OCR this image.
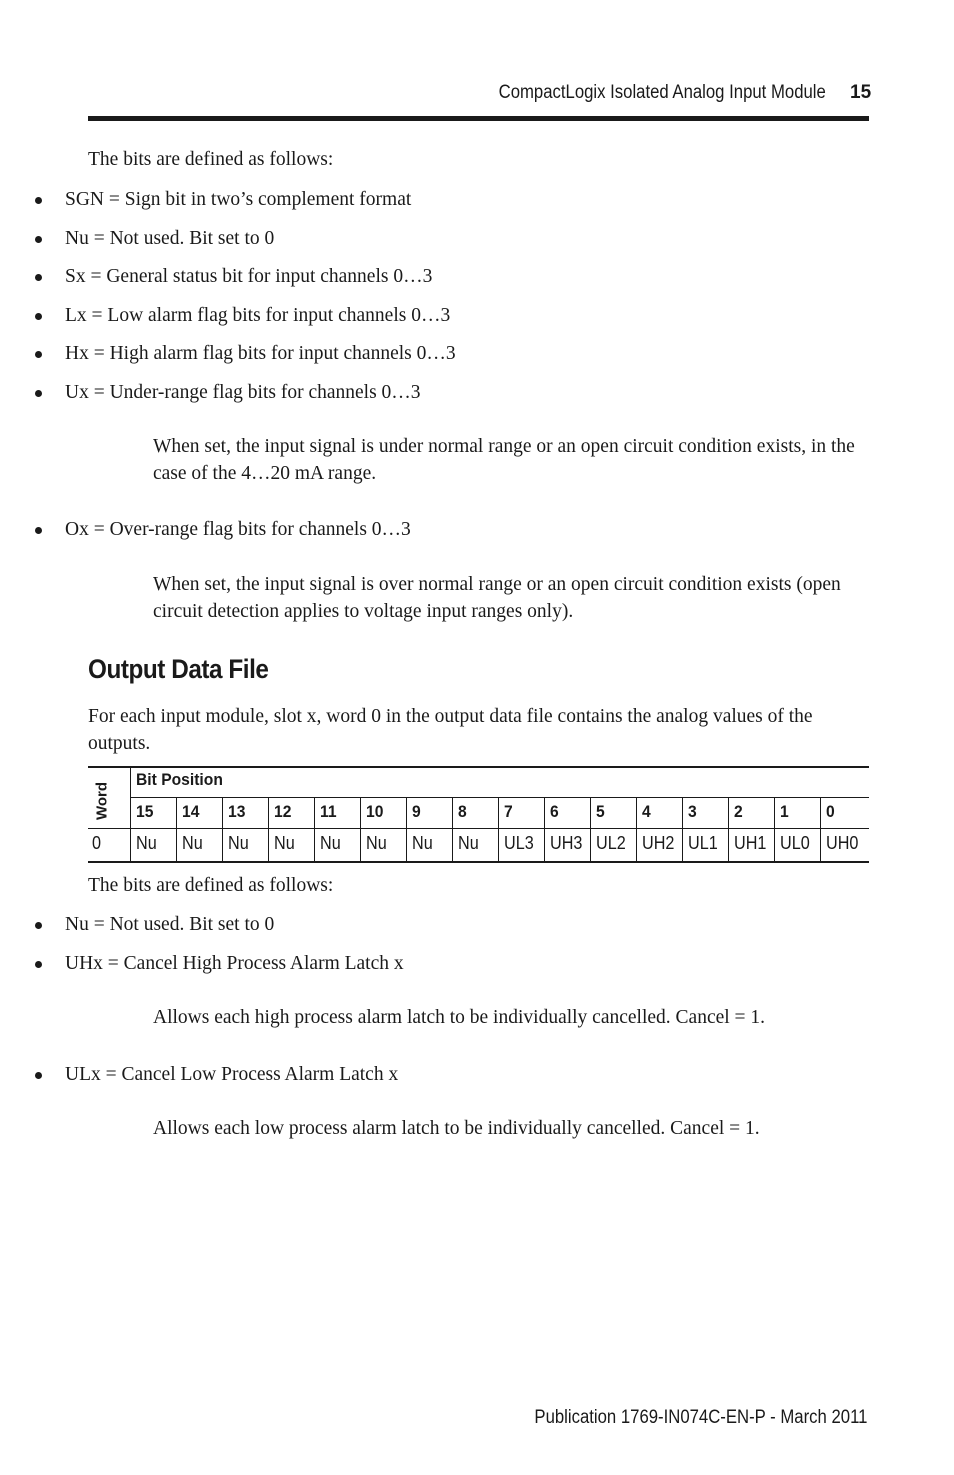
CompactLogix Isolated Analog Input Module 15

The bits are defined as follows:

SGN = Sign bit in two’s complement format
Nu = Not used. Bit set to 0
Sx = General status bit for input channels 0…3
Lx = Low alarm flag bits for input channels 0…3
Hx = High alarm flag bits for input channels 0…3
Ux = Under-range flag bits for channels 0…3

When set, the input signal is under normal range or an open circuit condition exists, in the case of the 4…20 mA range.

Ox = Over-range flag bits for channels 0…3

When set, the input signal is over normal range or an open circuit condition exists (open circuit detection applies to voltage input ranges only).

Output Data File

For each input module, slot x, word 0 in the output data file contains the analog values of the outputs.

Word
Bit Position
15 14 13 12 11 10 9 8 7 6 5 4 3 2 1 0
0 Nu Nu Nu Nu Nu Nu Nu Nu UL3 UH3 UL2 UH2 UL1 UH1 UL0 UH0

The bits are defined as follows:

Nu = Not used. Bit set to 0
UHx = Cancel High Process Alarm Latch x

Allows each high process alarm latch to be individually cancelled. Cancel = 1.

ULx = Cancel Low Process Alarm Latch x

Allows each low process alarm latch to be individually cancelled. Cancel = 1.

Publication 1769-IN074C-EN-P - March 2011
